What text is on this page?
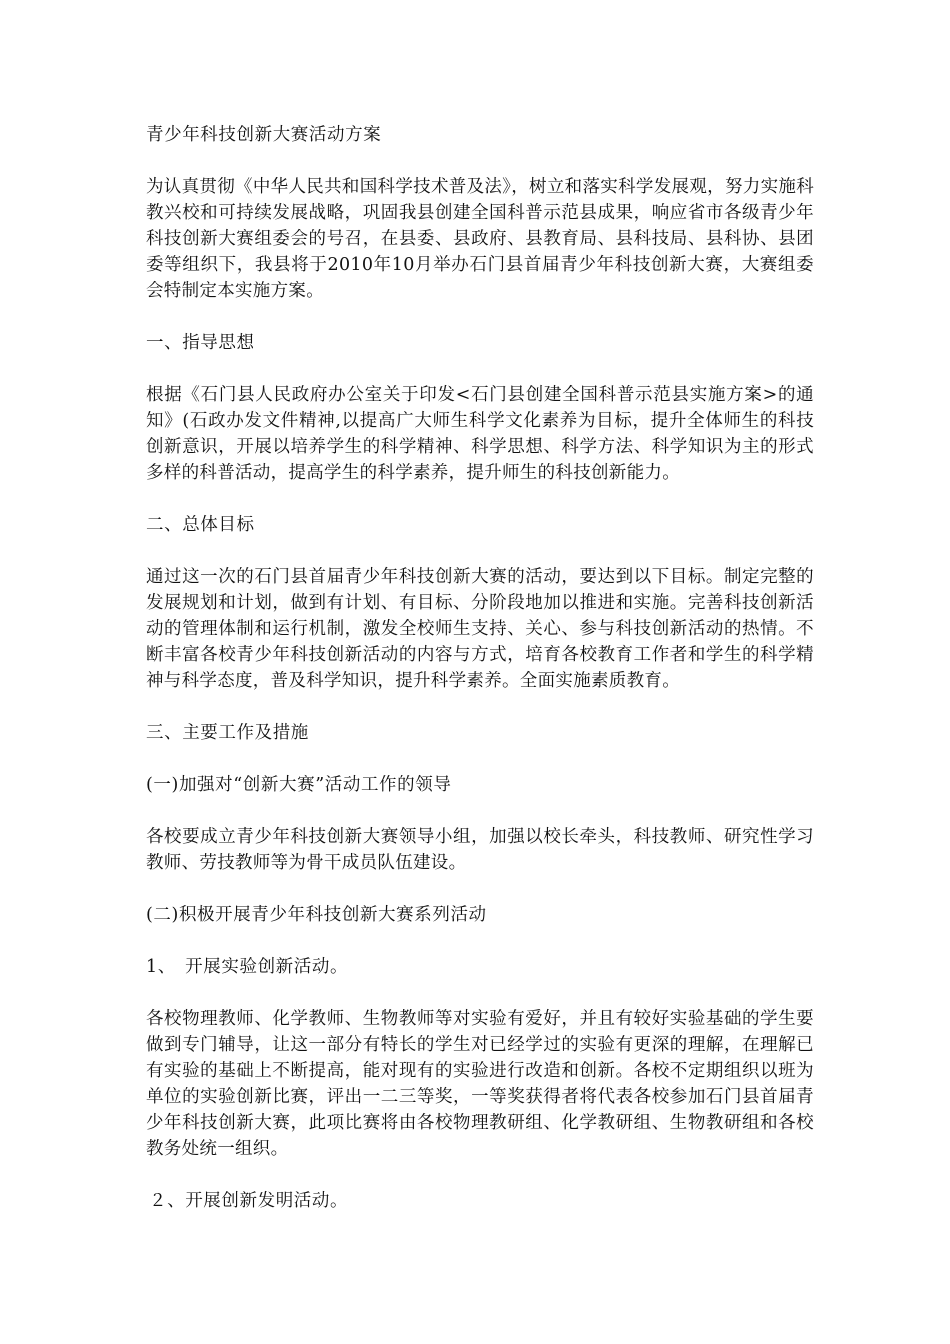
青少年科技创新大赛活动方案

为认真贯彻《中华人民共和国科学技术普及法》，树立和落实科学发展观，努力实施科教兴校和可持续发展战略，巩固我县创建全国科普示范县成果，响应省市各级青少年科技创新大赛组委会的号召，在县委、县政府、县教育局、县科技局、县科协、县团委等组织下，我县将于2010年10月举办石门县首届青少年科技创新大赛，大赛组委会特制定本实施方案。

一、指导思想

根据《石门县人民政府办公室关于印发<石门县创建全国科普示范县实施方案>的通知》(石政办发文件精神,以提高广大师生科学文化素养为目标，提升全体师生的科技创新意识，开展以培养学生的科学精神、科学思想、科学方法、科学知识为主的形式多样的科普活动，提高学生的科学素养，提升师生的科技创新能力。

二、总体目标

通过这一次的石门县首届青少年科技创新大赛的活动，要达到以下目标。制定完整的发展规划和计划，做到有计划、有目标、分阶段地加以推进和实施。完善科技创新活动的管理体制和运行机制，激发全校师生支持、关心、参与科技创新活动的热情。不断丰富各校青少年科技创新活动的内容与方式，培育各校教育工作者和学生的科学精神与科学态度，普及科学知识，提升科学素养。全面实施素质教育。

三、主要工作及措施

(一)加强对“创新大赛”活动工作的领导

各校要成立青少年科技创新大赛领导小组，加强以校长牵头，科技教师、研究性学习教师、劳技教师等为骨干成员队伍建设。

(二)积极开展青少年科技创新大赛系列活动

1、　开展实验创新活动。

各校物理教师、化学教师、生物教师等对实验有爱好，并且有较好实验基础的学生要做到专门辅导，让这一部分有特长的学生对已经学过的实验有更深的理解，在理解已有实验的基础上不断提高，能对现有的实验进行改造和创新。各校不定期组织以班为单位的实验创新比赛，评出一二三等奖，一等奖获得者将代表各校参加石门县首届青少年科技创新大赛，此项比赛将由各校物理教研组、化学教研组、生物教研组和各校教务处统一组织。

２、开展创新发明活动。
